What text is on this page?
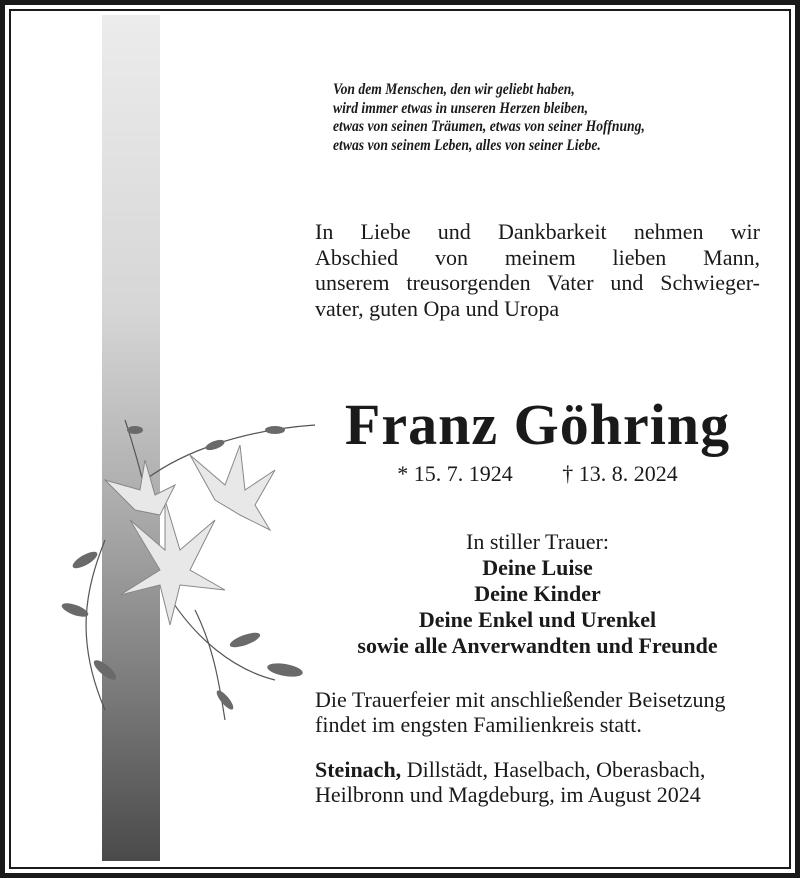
Von dem Menschen, den wir geliebt haben,
wird immer etwas in unseren Herzen bleiben,
etwas von seinen Träumen, etwas von seiner Hoffnung,
etwas von seinem Leben, alles von seiner Liebe.
In Liebe und Dankbarkeit nehmen wir
Abschied von meinem lieben Mann,
unserem treusorgenden Vater und Schwieger-
vater, guten Opa und Uropa
Franz Göhring
* 15. 7. 1924 † 13. 8. 2024
In stiller Trauer:
Deine Luise
Deine Kinder
Deine Enkel und Urenkel
sowie alle Anverwandten und Freunde
Die Trauerfeier mit anschließender Beisetzung
findet im engsten Familienkreis statt.
Steinach, Dillstädt, Haselbach, Oberasbach,
Heilbronn und Magdeburg, im August 2024
